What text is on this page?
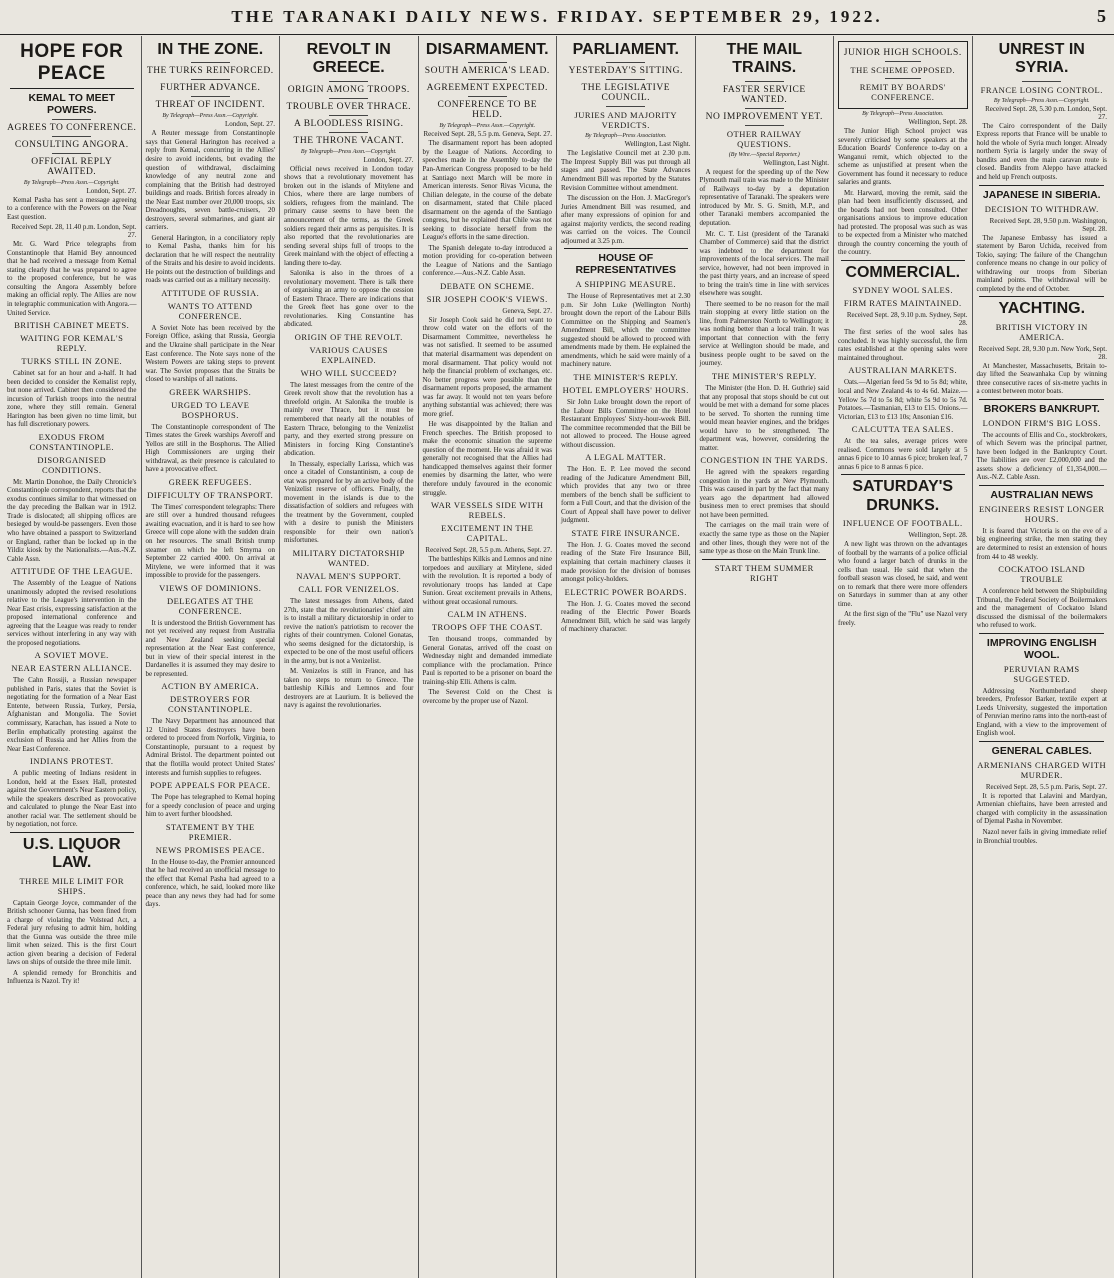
THE TARANAKI DAILY NEWS. FRIDAY. SEPTEMBER 29, 1922.	5
HOPE FOR PEACE
KEMAL TO MEET POWERS.
AGREES TO CONFERENCE.
CONSULTING ANGORA.
OFFICIAL REPLY AWAITED.
By Telegraph—Press Assn.—Copyright.
London, Sept. 27.

Kemal Pasha has sent a message agreeing to a conference with the Powers on the Near East question.

Received Sept. 28, 11.40 p.m. London, Sept. 27.

Mr. G. Ward Price telegraphs from Constantinople that Hamid Bey announced that he had received a message from Kemal stating clearly that he was prepared to agree to the proposed conference, but he was consulting the Angora Assembly before making an official reply. The Allies are now in telegraphic communication with Angora.—United Service.

BRITISH CABINET MEETS.
WAITING FOR KEMAL'S REPLY.
TURKS STILL IN ZONE.

Cabinet sat for an hour and a-half. It had been decided to consider the Kemalist reply, but none arrived. Cabinet then considered the incursion of Turkish troops into the neutral zone, where they still remain. General Harington has been given no time limit, but has full discretionary powers.

EXODUS FROM CONSTANTINOPLE.
DISORGANISED CONDITIONS.

Mr. Martin Donohoe, the Daily Chronicle's Constantinople correspondent, reports that the exodus continues similar to that witnessed on the day preceding the Balkan war in 1912. Trade is dislocated; all shipping offices are besieged by would-be passengers. Even those who have obtained a passport to Switzerland or England, rather than be locked up in the Yildiz kiosk by the Nationalists.—Aus.-N.Z. Cable Assn.

ATTITUDE OF THE LEAGUE.

The Assembly of the League of Nations unanimously adopted the revised resolutions relative to the League's intervention in the Near East crisis, expressing satisfaction at the proposed international conference and agreeing that the League was ready to render services without interfering in any way with the proposed negotiations.

A SOVIET MOVE.
NEAR EASTERN ALLIANCE.

The Cahn Rossiji, a Russian newspaper published in Paris, states that the Soviet is negotiating for the formation of a Near East Entente, between Russia, Turkey, Persia, Afghanistan and Mongolia. The Soviet commissary, Karachan, has issued a Note to Berlin emphatically protesting against the exclusion of Russia and her Allies from the Near East Conference.

INDIANS PROTEST.

A public meeting of Indians resident in London, held at the Essex Hall, protested against the Government's Near Eastern policy, while the speakers described as provocative and calculated to plunge the Near East into another racial war. The settlement should be by negotiation, not force.

U.S. LIQUOR LAW.
THREE MILE LIMIT FOR SHIPS.

Captain George Joyce, commander of the British schooner Gunna, has been fined from a charge of violating the Volstead Act, a Federal jury refusing to admit him, holding that the Gunna was outside the three mile limit when seized. This is the first Court action given bearing a decision of Federal laws on ships of outside the three mile limit.

A splendid remedy for Bronchitis and Influenza is Nazol. Try it!

IN THE ZONE.
THE TURKS REINFORCED.
FURTHER ADVANCE.
THREAT OF INCIDENT.
By Telegraph—Press Assn.—Copyright.
London, Sept. 27.

A Reuter message from Constantinople says that General Harington has received a reply from Kemal, concurring in the Allies' desire to avoid incidents, but evading the question of withdrawal, disclaiming knowledge of any neutral zone and complaining that the British had destroyed buildings and roads. British forces already in the Near East number over 20,000 troops, six Dreadnoughts, seven battle-cruisers, 20 destroyers, several submarines, and giant air carriers.

General Harington, in a conciliatory reply to Kemal Pasha, thanks him for his declaration that he will respect the neutrality of the Straits and his desire to avoid incidents. He points out the destruction of buildings and roads was carried out as a military necessity.

ATTITUDE OF RUSSIA.
WANTS TO ATTEND CONFERENCE.

A Soviet Note has been received by the Foreign Office, asking that Russia, Georgia and the Ukraine shall participate in the Near East conference. The Note says none of the Western Powers are taking steps to prevent war. The Soviet proposes that the Straits be closed to warships of all nations.

GREEK WARSHIPS.
URGED TO LEAVE BOSPHORUS.

The Constantinople correspondent of The Times states the Greek warships Averoff and Yellos are still in the Bosphorus. The Allied High Commissioners are urging their withdrawal, as their presence is calculated to have a provocative effect.

GREEK REFUGEES.
DIFFICULTY OF TRANSPORT.

The Times' correspondent telegraphs: There are still over a hundred thousand refugees awaiting evacuation, and it is hard to see how Greece will cope alone with the sudden drain on her resources. The small British trump steamer on which he left Smyrna on September 22 carried 4000. On arrival at Mitylene, we were informed that it was impossible to provide for the passengers.

VIEWS OF DOMINIONS.
DELEGATES AT THE CONFERENCE.

It is understood the British Government has not yet received any request from Australia and New Zealand seeking special representation at the Near East conference, but in view of their special interest in the Dardanelles it is assumed they may desire to be represented.

ACTION BY AMERICA.
DESTROYERS FOR CONSTANTINOPLE.

The Navy Department has announced that 12 United States destroyers have been ordered to proceed from Norfolk, Virginia, to Constantinople, pursuant to a request by Admiral Bristol. The department pointed out that the flotilla would protect United States' interests and furnish supplies to refugees.

POPE APPEALS FOR PEACE.

The Pope has telegraphed to Kemal hoping for a speedy conclusion of peace and urging him to avert further bloodshed.

STATEMENT BY THE PREMIER.
NEWS PROMISES PEACE.

In the House to-day, the Premier announced that he had received an unofficial message to the effect that Kemal Pasha had agreed to a conference, which, he said, looked more like peace than any news they had had for some days.

REVOLT IN GREECE.
ORIGIN AMONG TROOPS.
TROUBLE OVER THRACE.
A BLOODLESS RISING.
THE THRONE VACANT.
By Telegraph—Press Assn.—Copyright.
London, Sept. 27.

Official news received in London today shows that a revolutionary movement has broken out in the islands of Mitylene and Chios, where there are large numbers of soldiers, refugees from the mainland. The primary cause seems to have been the announcement of the terms, as the Greek soldiers regard their arms as perquisites. It is also reported that the revolutionaries are sending several ships full of troops to the Greek mainland with the object of effecting a landing there to-day.

Salonika is also in the throes of a revolutionary movement. There is talk there of organising an army to oppose the cession of Eastern Thrace. There are indications that the Greek fleet has gone over to the revolutionaries. King Constantine has abdicated.

ORIGIN OF THE REVOLT.
VARIOUS CAUSES EXPLAINED.
WHO WILL SUCCEED?

The latest messages from the centre of the Greek revolt show that the revolution has a threefold origin. At Salonika the trouble is mainly over Thrace, but it must be remembered that nearly all the notables of Eastern Thrace, belonging to the Venizelist party, and they exerted strong pressure on Ministers in forcing King Constantine's abdication.

In Thessaly, especially Larissa, which was once a citadel of Constantinism, a coup de etat was prepared for by an active body of the Venizelist reserve of officers. Finally, the movement in the islands is due to the dissatisfaction of soldiers and refugees with the treatment by the Government, coupled with a desire to punish the Ministers responsible for their own nation's misfortunes.

MILITARY DICTATORSHIP WANTED.
NAVAL MEN'S SUPPORT.
CALL FOR VENIZELOS.

The latest messages from Athens, dated 27th, state that the revolutionaries' chief aim is to install a military dictatorship in order to revive the nation's patriotism to recover the rights of their countrymen. Colonel Gonatas, who seems designed for the dictatorship, is expected to be one of the most useful officers in the army, but is not a Venizelist.

M. Venizelos is still in France, and has taken no steps to return to Greece. The battleship Kilkis and Lemnos and four destroyers are at Laurium. It is believed the navy is against the revolutionaries.

DISARMAMENT.
SOUTH AMERICA'S LEAD.
AGREEMENT EXPECTED.
CONFERENCE TO BE HELD.
By Telegraph—Press Assn.—Copyright.
Received Sept. 28, 5.5 p.m. Geneva, Sept. 27.

The disarmament report has been adopted by the League of Nations. According to speeches made in the Assembly to-day the Pan-American Congress proposed to be held at Santiago next March will be more in American interests. Senor Rivas Vicuna, the Chilian delegate, in the course of the debate on disarmament, stated that Chile placed disarmament on the agenda of the Santiago congress, but he explained that Chile was not seeking to dissociate herself from the League's efforts in the same direction.

The Spanish delegate to-day introduced a motion providing for co-operation between the League of Nations and the Santiago conference.—Aus.-N.Z. Cable Assn.

DEBATE ON SCHEME.
SIR JOSEPH COOK'S VIEWS.
Geneva, Sept. 27.

Sir Joseph Cook said he did not want to throw cold water on the efforts of the Disarmament Committee, nevertheless he was not satisfied. It seemed to be assumed that material disarmament was dependent on moral disarmament. That policy would not help the financial problem of exchanges, etc. No better progress were possible than the disarmament reports proposed, the armament was far away. It would not ten years before anything substantial was achieved; there was more grief.

He was disappointed by the Italian and French speeches. The British proposed to make the economic situation the supreme question of the moment. He was afraid it was generally not recognised that the Allies had handicapped themselves against their former enemies by disarming the latter, who were therefore unduly favoured in the economic struggle.

WAR VESSELS SIDE WITH REBELS.
EXCITEMENT IN THE CAPITAL.
Received Sept. 28, 5.5 p.m. Athens, Sept. 27.

The battleships Kilkis and Lemnos and nine torpedoes and auxiliary at Mitylene, sided with the revolution. It is reported a body of revolutionary troops has landed at Cape Sunion. Great excitement prevails in Athens, without great occasional rumours.

CALM IN ATHENS.
TROOPS OFF THE COAST.

Ten thousand troops, commanded by General Gonatas, arrived off the coast on Wednesday night and demanded immediate compliance with the proclamation. Prince Paul is reported to be a prisoner on board the training-ship Elli. Athens is calm.

The Severest Cold on the Chest is overcome by the proper use of Nazol.

PARLIAMENT.
YESTERDAY'S SITTING.
THE LEGISLATIVE COUNCIL.
JURIES AND MAJORITY VERDICTS.
By Telegraph—Press Association.
Wellington, Last Night.

The Legislative Council met at 2.30 p.m. The Imprest Supply Bill was put through all stages and passed. The State Advances Amendment Bill was reported by the Statutes Revision Committee without amendment.

The discussion on the Hon. J. MacGregor's Juries Amendment Bill was resumed, and after many expressions of opinion for and against majority verdicts, the second reading was carried on the voices. The Council adjourned at 3.25 p.m.

HOUSE OF REPRESENTATIVES
A SHIPPING MEASURE.

The House of Representatives met at 2.30 p.m. Sir John Luke (Wellington North) brought down the report of the Labour Bills Committee on the Shipping and Seamen's Amendment Bill, which the committee suggested should be allowed to proceed with amendments made by them. He explained the amendments, which he said were mainly of a machinery nature.

THE MINISTER'S REPLY.
HOTEL EMPLOYERS' HOURS.

Sir John Luke brought down the report of the Labour Bills Committee on the Hotel Restaurant Employees' Sixty-hour-week Bill. The committee recommended that the Bill be not allowed to proceed. The House agreed without discussion.

A LEGAL MATTER.

The Hon. E. P. Lee moved the second reading of the Judicature Amendment Bill, which provides that any two or three members of the bench shall be sufficient to form a Full Court, and that the division of the Court of Appeal shall have power to deliver judgment.

STATE FIRE INSURANCE.

The Hon. J. G. Coates moved the second reading of the State Fire Insurance Bill, explaining that certain machinery clauses it made provision for the division of bonuses amongst policy-holders.

ELECTRIC POWER BOARDS.

The Hon. J. G. Coates moved the second reading of the Electric Power Boards Amendment Bill, which he said was largely of machinery character.

THE MAIL TRAINS.
FASTER SERVICE WANTED.
NO IMPROVEMENT YET.
OTHER RAILWAY QUESTIONS.
(By Wire.—Special Reporter.)
Wellington, Last Night.

A request for the speeding up of the New Plymouth mail train was made to the Minister of Railways to-day by a deputation representative of Taranaki. The speakers were introduced by Mr. S. G. Smith, M.P., and other Taranaki members accompanied the deputation.

Mr. C. T. List (president of the Taranaki Chamber of Commerce) said that the district was indebted to the department for improvements of the local services. The mail service, however, had not been improved in the past thirty years, and an increase of speed to bring the train's time in line with services elsewhere was sought.

There seemed to be no reason for the mail train stopping at every little station on the line, from Palmerston North to Wellington; it was nothing better than a local train. It was important that connection with the ferry service at Wellington should be made, and business people ought to be saved on the journey.

THE MINISTER'S REPLY.

The Minister (the Hon. D. H. Guthrie) said that any proposal that stops should be cut out would be met with a demand for some places to be served. To shorten the running time would mean heavier engines, and the bridges would have to be strengthened. The department was, however, considering the matter.

CONGESTION IN THE YARDS.

He agreed with the speakers regarding congestion in the yards at New Plymouth. This was caused in part by the fact that many years ago the department had allowed business men to erect premises that should not have been permitted.

The carriages on the mail train were of exactly the same type as those on the Napier and other lines, though they were not of the same type as those on the Main Trunk line.

START THEM SUMMER RIGHT
JUNIOR HIGH SCHOOLS.
THE SCHEME OPPOSED.
REMIT BY BOARDS' CONFERENCE.
By Telegraph—Press Association.
Wellington, Sept. 28.

The Junior High School project was severely criticised by some speakers at the Education Boards' Conference to-day on a Wanganui remit, which objected to the scheme as unjustified at present when the Government has found it necessary to reduce salaries and grants.

Mr. Harward, moving the remit, said the plan had been insufficiently discussed, and the boards had not been consulted. Other organisations anxious to improve education had protested. The proposal was such as was to be expected from a Minister who matched through the country concerning the youth of the country.

COMMERCIAL.
SYDNEY WOOL SALES.
FIRM RATES MAINTAINED.
Received Sept. 28, 9.10 p.m. Sydney, Sept. 28.

The first series of the wool sales has concluded. It was highly successful, the firm rates established at the opening sales were maintained throughout.

AUSTRALIAN MARKETS.

Oats.—Algerian feed 5s 9d to 5s 8d; white, local and New Zealand 4s to 4s 6d. Maize.—Yellow 5s 7d to 5s 8d; white 5s 9d to 5s 7d. Potatoes.—Tasmanian, £13 to £15. Onions.—Victorian, £13 to £13 10s; Ansonian £16.

CALCUTTA TEA SALES.

At the tea sales, average prices were realised. Commons were sold largely at 5 annas 6 pice to 10 annas 6 pice; broken leaf, 7 annas 6 pice to 8 annas 6 pice.

SATURDAY'S DRUNKS.
INFLUENCE OF FOOTBALL.
Wellington, Sept. 28.

A new light was thrown on the advantages of football by the warrants of a police official who found a larger batch of drunks in the cells than usual. He said that when the football season was closed, he said, and went on to remark that there were more offenders on Saturdays in summer than at any other time.

At the first sign of the "Flu" use Nazol very freely.

UNREST IN SYRIA.
FRANCE LOSING CONTROL.
By Telegraph—Press Assn.—Copyright.
Received Sept. 28, 5.30 p.m. London, Sept. 27.

The Cairo correspondent of the Daily Express reports that France will be unable to hold the whole of Syria much longer. Already northern Syria is largely under the sway of bandits and even the main caravan route is closed. Bandits from Aleppo have attacked and held up French outposts.

JAPANESE IN SIBERIA.
DECISION TO WITHDRAW.
Received Sept. 28, 9.50 p.m. Washington, Sept. 28.

The Japanese Embassy has issued a statement by Baron Uchida, received from Tokio, saying: The failure of the Changchun conference means no change in our policy of withdrawing our troops from Siberian mainland points. The withdrawal will be completed by the end of October.

YACHTING.
BRITISH VICTORY IN AMERICA.
Received Sept. 28, 9.30 p.m. New York, Sept. 28.

At Manchester, Massachusetts, Britain to-day lifted the Seawanhaka Cup by winning three consecutive races of six-metre yachts in a contest between motor boats.

BROKERS BANKRUPT.
LONDON FIRM'S BIG LOSS.

The accounts of Ellis and Co., stockbrokers, of which Severn was the principal partner, have been lodged in the Bankruptcy Court. The liabilities are over £2,000,000 and the assets show a deficiency of £1,354,000.—Aus.-N.Z. Cable Assn.

AUSTRALIAN NEWS
ENGINEERS RESIST LONGER HOURS.

It is feared that Victoria is on the eve of a big engineering strike, the men stating they are determined to resist an extension of hours from 44 to 48 weekly.

COCKATOO ISLAND TROUBLE

A conference held between the Shipbuilding Tribunal, the Federal Society of Boilermakers and the management of Cockatoo Island discussed the dismissal of the boilermakers who refused to work.

IMPROVING ENGLISH WOOL.
PERUVIAN RAMS SUGGESTED.

Addressing Northumberland sheep breeders, Professor Barker, textile expert at Leeds University, suggested the importation of Peruvian merino rams into the north-east of England, with a view to the improvement of English wool.

GENERAL CABLES.
ARMENIANS CHARGED WITH MURDER.
Received Sept. 28, 5.5 p.m. Paris, Sept. 27.

It is reported that Lalavini and Mardyan, Armenian chieftains, have been arrested and charged with complicity in the assassination of Djemal Pasha in November.

Nazol never fails in giving immediate relief in Bronchial troubles.
